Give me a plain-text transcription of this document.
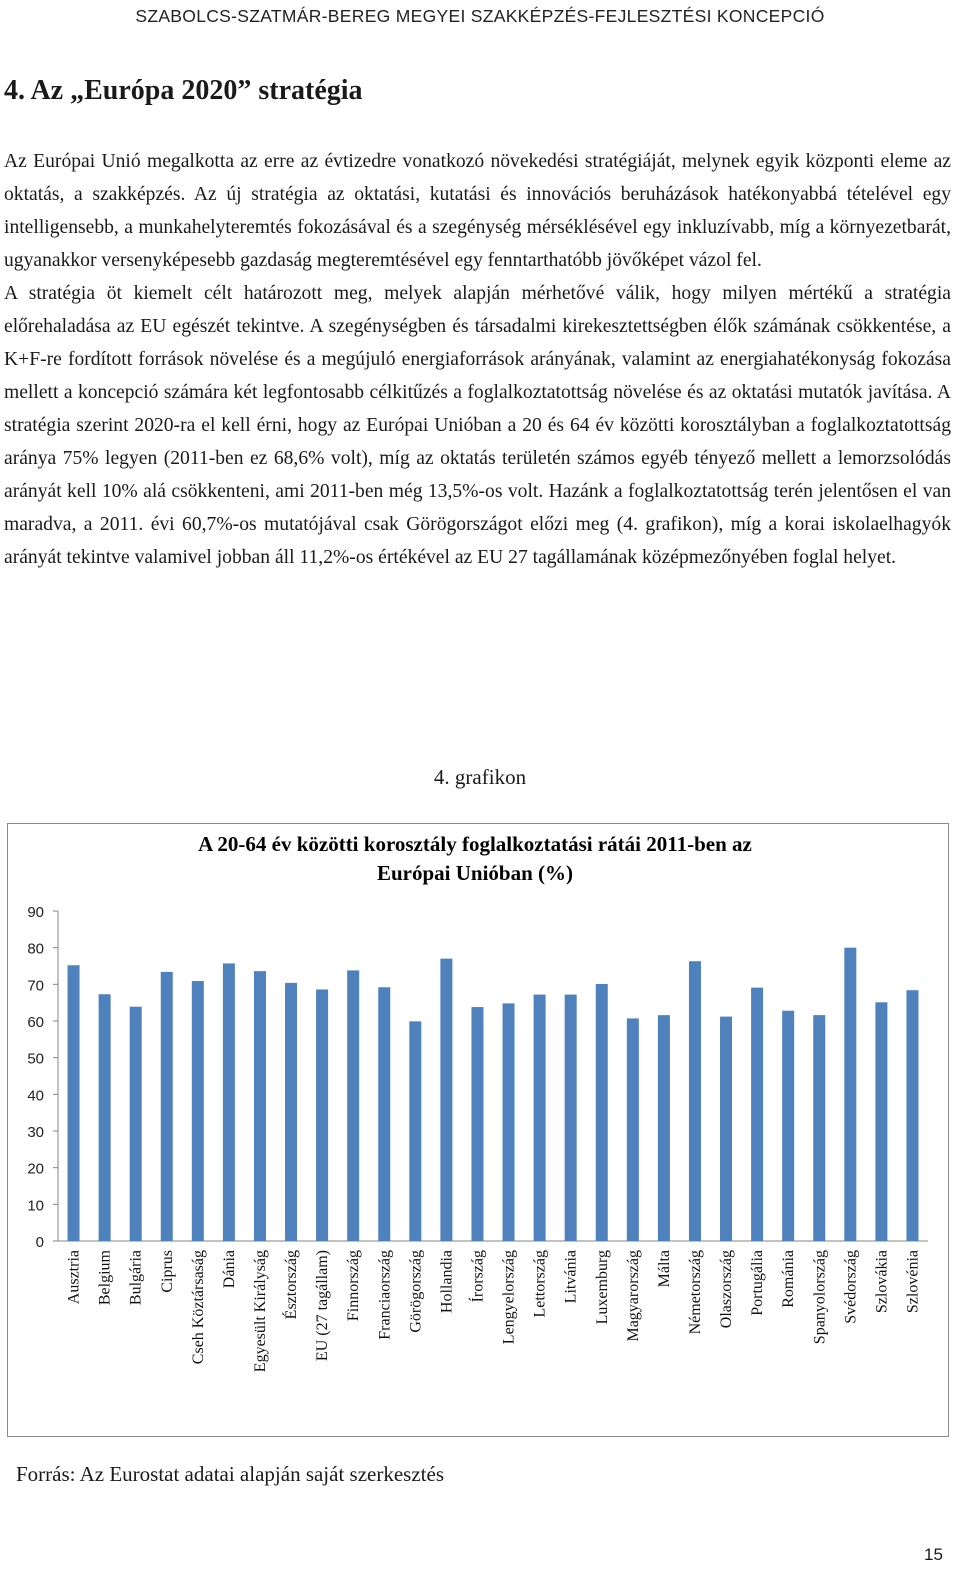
SZABOLCS-SZATMÁR-BEREG MEGYEI SZAKKÉPZÉS-FEJLESZTÉSI KONCEPCIÓ
4. Az „Európa 2020” stratégia

Az Európai Unió megalkotta az erre az évtizedre vonatkozó növekedési stratégiáját, melynek egyik központi eleme az oktatás, a szakképzés. Az új stratégia az oktatási, kutatási és innovációs beruházások hatékonyabbá tételével egy intelligensebb, a munkahelyteremtés fokozásával és a szegénység mérséklésével egy inkluzívabb, míg a környezetbarát, ugyanakkor versenyképesebb gazdaság megteremtésével egy fenntarthatóbb jövőképet vázol fel.

A stratégia öt kiemelt célt határozott meg, melyek alapján mérhetővé válik, hogy milyen mértékű a stratégia előrehaladása az EU egészét tekintve. A szegénységben és társadalmi kirekesztettségben élők számának csökkentése, a K+F-re fordított források növelése és a megújuló energiaforrások arányának, valamint az energiahatékonyság fokozása mellett a koncepció számára két legfontosabb célkitűzés a foglalkoztatottság növelése és az oktatási mutatók javítása. A stratégia szerint 2020-ra el kell érni, hogy az Európai Unióban a 20 és 64 év közötti korosztályban a foglalkoztatottság aránya 75% legyen (2011-ben ez 68,6% volt), míg az oktatás területén számos egyéb tényező mellett a lemorzsolódás arányát kell 10% alá csökkenteni, ami 2011-ben még 13,5%-os volt. Hazánk a foglalkoztatottság terén jelentősen el van maradva, a 2011. évi 60,7%-os mutatójával csak Görögországot előzi meg (4. grafikon), míg a korai iskolaelhagyók arányát tekintve valamivel jobban áll 11,2%-os értékével az EU 27 tagállamának középmezőnyében foglal helyet.

4. grafikon
A 20-64 év közötti korosztály foglalkoztatási rátái 2011-ben az
Európai Unióban (%)
0
10
20
30
40
50
60
70
80
90
Ausztria Belgium Bulgária Ciprus Cseh Köztársaság Dánia Egyesült Királyság Észtország EU (27 tagállam) Finnország Franciaország Görögország Hollandia Írország Lengyelország Lettország Litvánia Luxemburg Magyarország Málta Németország Olaszország Portugália Románia Spanyolország Svédország Szlovákia Szlovénia
Forrás: Az Eurostat adatai alapján saját szerkesztés
15
